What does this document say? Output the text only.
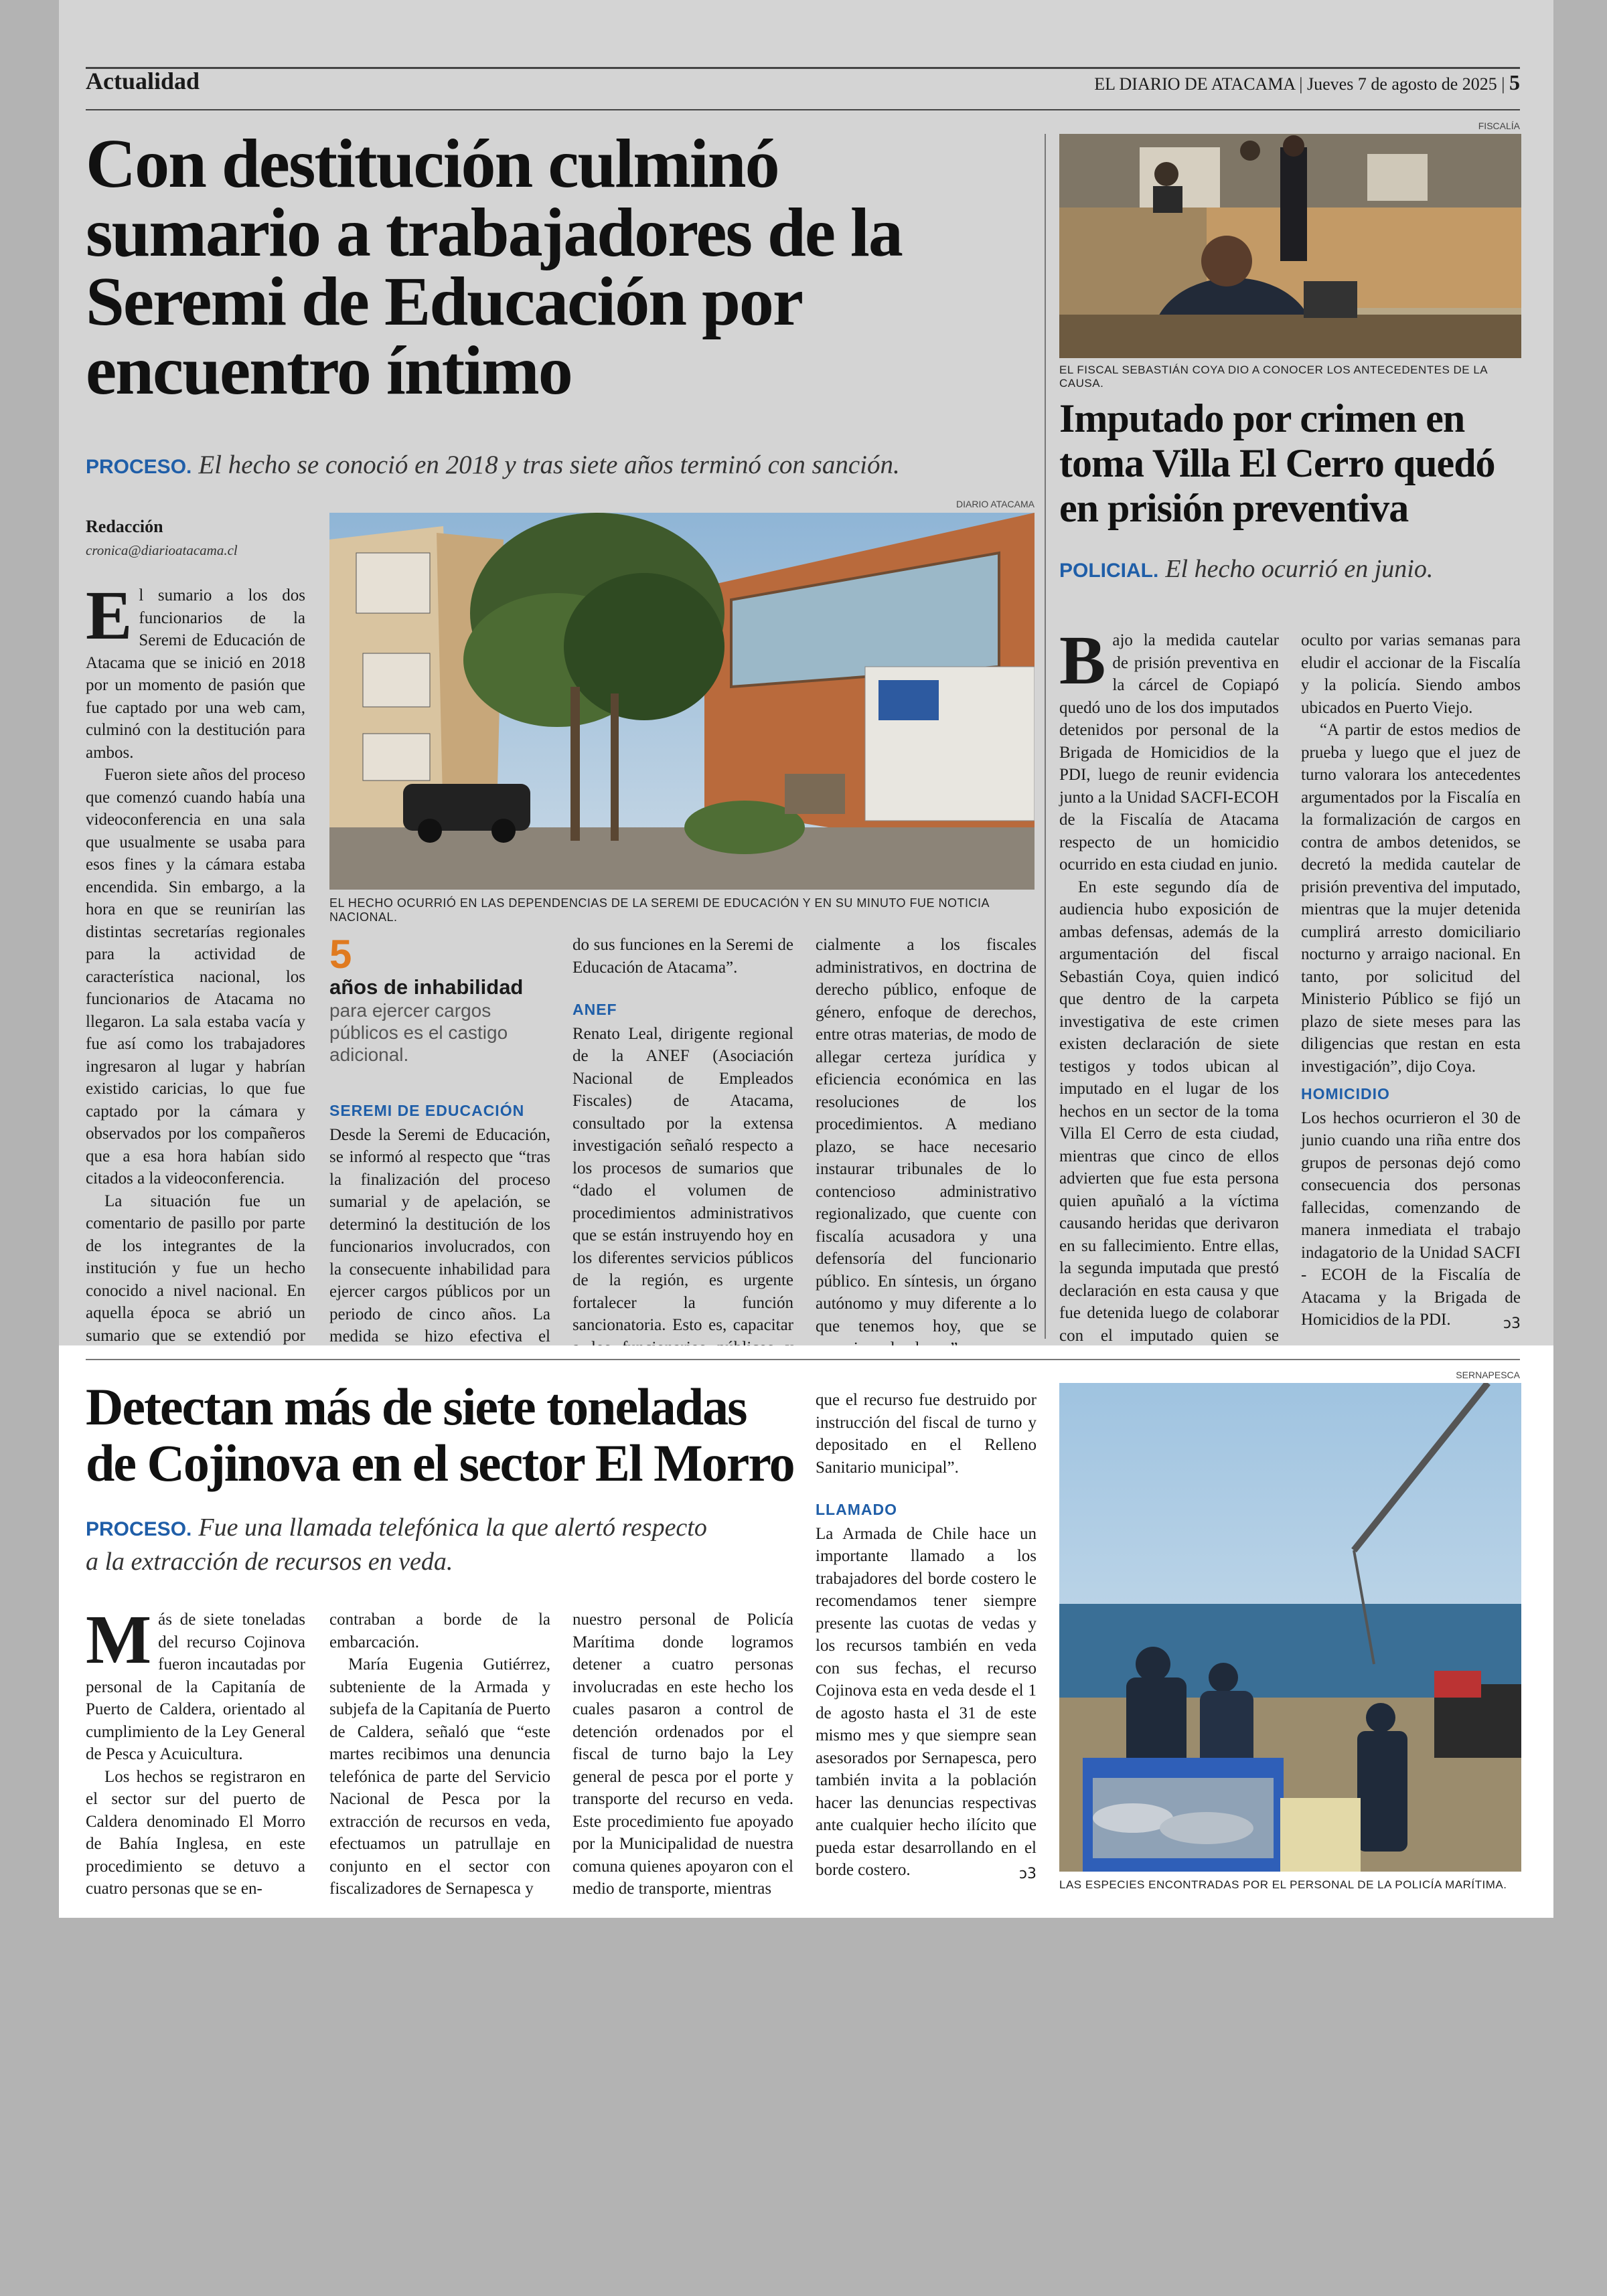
Actualidad	EL DIARIO DE ATACAMA | Jueves 7 de agosto de 2025 | 5
Con destitución culminó
sumario a trabajadores de la
Seremi de Educación por
encuentro íntimo
PROCESO. El hecho se conoció en 2018 y tras siete años terminó con sanción.
Redacción
cronica@diarioatacama.cl
DIARIO ATACAMA
EL HECHO OCURRIÓ EN LAS DEPENDENCIAS DE LA SEREMI DE EDUCACIÓN Y EN SU MINUTO FUE NOTICIA NACIONAL.

El sumario a los dos funcionarios de la Seremi de Educación de Atacama que se inició en 2018 por un momento de pasión que fue captado por una web cam, culminó con la destitución para ambos.

Fueron siete años del proceso que comenzó cuando había una videoconferencia en una sala que usualmente se usaba para esos fines y la cámara estaba encendida. Sin embargo, a la hora en que se reunirían las distintas secretarías regionales para la actividad de característica nacional, los funcionarios de Atacama no llegaron. La sala estaba vacía y fue así como los trabajadores ingresaron al lugar y habrían existido caricias, lo que fue captado por la cámara y observados por los compañeros que a esa hora habían sido citados a la videoconferencia.

La situación fue un comentario de pasillo por parte de los integrantes de la institución y fue un hecho conocido a nivel nacional. En aquella época se abrió un sumario que se extendió por

5
años de inhabilidad
para ejercer cargos públicos es el castigo adicional.
SEREMI DE EDUCACIÓN

Desde la Seremi de Educación, se informó al respecto que “tras la finalización del proceso sumarial y de apelación, se determinó la destitución de los funcionarios involucrados, con la consecuente inhabilidad para ejercer cargos públicos por un periodo de cinco años. La medida se hizo efectiva el

do sus funciones en la Seremi de Educación de Atacama”.

ANEF

Renato Leal, dirigente regional de la ANEF (Asociación Nacional de Empleados Fiscales) de Atacama, consultado por la extensa investigación señaló respecto a los procesos de sumarios que “dado el volumen de procedimientos administrativos que se están instruyendo hoy en los diferentes servicios públicos de la región, es urgente fortalecer la función sancionatoria. Esto es, capacitar

cialmente a los fiscales administrativos, en doctrina de derecho público, enfoque de género, enfoque de derechos, entre otras materias, de modo de allegar certeza jurídica y eficiencia económica en las resoluciones de los procedimientos. A mediano plazo, se hace necesario instaurar tribunales de lo contencioso administrativo regionalizado, que cuente con fiscalía acusadora y una defensoría del funcionario público. En síntesis, un órgano autónomo y muy diferente a lo que tenemos hoy, que se

FISCALÍA
EL FISCAL SEBASTIÁN COYA DIO A CONOCER LOS ANTECEDENTES DE LA CAUSA.
Imputado por crimen en
toma Villa El Cerro quedó
en prisión preventiva
POLICIAL. El hecho ocurrió en junio.

Bajo la medida cautelar de prisión preventiva en la cárcel de Copiapó quedó uno de los dos imputados detenidos por personal de la Brigada de Homicidios de la PDI, luego de reunir evidencia junto a la Unidad SACFI-ECOH de la Fiscalía de Atacama respecto de un homicidio ocurrido en esta ciudad en junio.

En este segundo día de audiencia hubo exposición de ambas defensas, además de la argumentación del fiscal Sebastián Coya, quien indicó que dentro de la carpeta investigativa de este crimen existen declaración de siete testigos y todos ubican al imputado en el lugar de los hechos en un sector de la toma Villa El Cerro de esta ciudad, mientras que cinco de ellos advierten que fue esta persona quien apuñaló a la víctima causando heridas que derivaron en su fallecimiento. Entre ellas, la segunda imputada que prestó declaración en esta causa y que fue detenida luego de colaborar con el imputado quien se

oculto por varias semanas para eludir el accionar de la Fiscalía y la policía. Siendo ambos ubicados en Puerto Viejo.

“A partir de estos medios de prueba y luego que el juez de turno valorara los antecedentes argumentados por la Fiscalía en la formalización de cargos en contra de ambos detenidos, se decretó la medida cautelar de prisión preventiva del imputado, mientras que la mujer detenida cumplirá arresto domiciliario nocturno y arraigo nacional. En tanto, por solicitud del Ministerio Público se fijó un plazo de siete meses para las diligencias que restan en esta investigación”, dijo Coya.

HOMICIDIO

Los hechos ocurrieron el 30 de junio cuando una riña entre dos grupos de personas dejó como consecuencia dos personas fallecidas, comenzando de manera inmediata el trabajo indagatorio de la Unidad SACFI - ECOH de la Fiscalía de Atacama y la Brigada de Homicidios de la PDI.	ↄ3
Detectan más de siete toneladas
de Cojinova en el sector El Morro
PROCESO. Fue una llamada telefónica la que alertó respecto
a la extracción de recursos en veda.

Más de siete toneladas del recurso Cojinova fueron incautadas por personal de la Capitanía de Puerto de Caldera, orientado al cumplimiento de la Ley General de Pesca y Acuicultura.

Los hechos se registraron en el sector sur del puerto de Caldera denominado El Morro de Bahía Inglesa, en este procedimiento se detuvo a cuatro personas que se en-

contraban a borde de la embarcación.

María Eugenia Gutiérrez, subteniente de la Armada y subjefa de la Capitanía de Puerto de Caldera, señaló que “este martes recibimos una denuncia telefónica de parte del Servicio Nacional de Pesca por la extracción de recursos en veda, efectuamos un patrullaje en conjunto en el sector con fiscalizadores de Sernapesca y

nuestro personal de Policía Marítima donde logramos detener a cuatro personas involucradas en este hecho los cuales pasaron a control de detención ordenados por el fiscal de turno bajo la Ley general de pesca por el porte y transporte del recurso en veda. Este procedimiento fue apoyado por la Municipalidad de nuestra comuna quienes apoyaron con el medio de transporte, mientras

que el recurso fue destruido por instrucción del fiscal de turno y depositado en el Relleno Sanitario municipal”.

LLAMADO

La Armada de Chile hace un importante llamado a los trabajadores del borde costero le recomendamos tener siempre presente las cuotas de vedas y los recursos también en veda con sus fechas, el recurso Cojinova esta en veda desde el 1 de agosto hasta el 31 de este mismo mes y que siempre sean asesorados por Sernapesca, pero también invita a la población hacer las denuncias respectivas ante cualquier hecho ilícito que pueda estar desarrollando en el borde costero.	ↄ3
SERNAPESCA
LAS ESPECIES ENCONTRADAS POR EL PERSONAL DE LA POLICÍA MARÍTIMA.
